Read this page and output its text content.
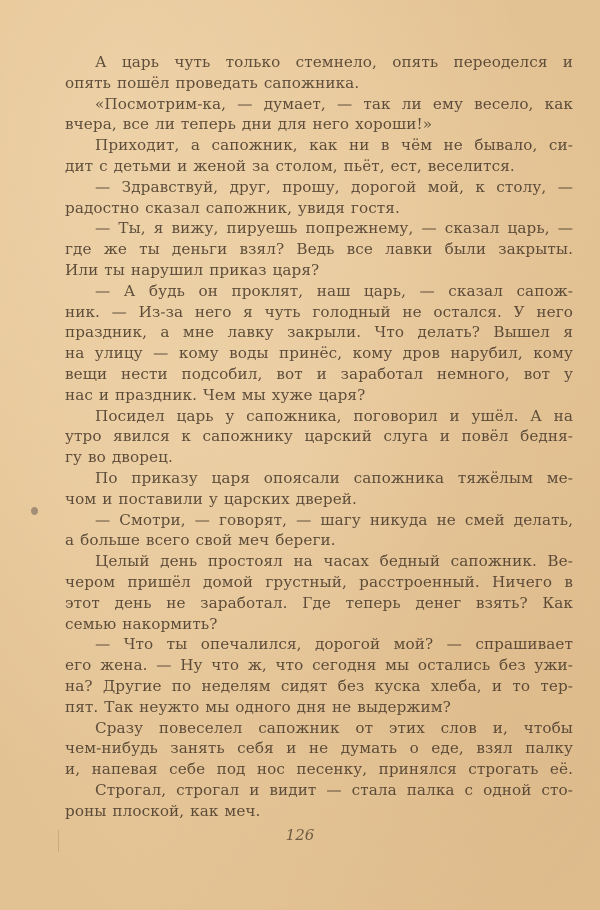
А царь чуть только стемнело, опять переоделся и
опять пошёл проведать сапожника.
«Посмотрим-ка, — думает, — так ли ему весело, как
вчера, все ли теперь дни для него хороши!»
Приходит, а сапожник, как ни в чём не бывало, си-
дит с детьми и женой за столом, пьёт, ест, веселится.
— Здравствуй, друг, прошу, дорогой мой, к столу, —
радостно сказал сапожник, увидя гостя.
— Ты, я вижу, пируешь попрежнему, — сказал царь, —
где же ты деньги взял? Ведь все лавки были закрыты.
Или ты нарушил приказ царя?
— А будь он проклят, наш царь, — сказал сапож-
ник. — Из-за него я чуть голодный не остался. У него
праздник, а мне лавку закрыли. Что делать? Вышел я
на улицу — кому воды принёс, кому дров нарубил, кому
вещи нести подсобил, вот и заработал немного, вот у
нас и праздник. Чем мы хуже царя?
Посидел царь у сапожника, поговорил и ушёл. А на
утро явился к сапожнику царский слуга и повёл бедня-
гу во дворец.
По приказу царя опоясали сапожника тяжёлым ме-
чом и поставили у царских дверей.
— Смотри, — говорят, — шагу никуда не смей делать,
а больше всего свой меч береги.
Целый день простоял на часах бедный сапожник. Ве-
чером пришёл домой грустный, расстроенный. Ничего в
этот день не заработал. Где теперь денег взять? Как
семью накормить?
— Что ты опечалился, дорогой мой? — спрашивает
его жена. — Ну что ж, что сегодня мы остались без ужи-
на? Другие по неделям сидят без куска хлеба, и то тер-
пят. Так неужто мы одного дня не выдержим?
Сразу повеселел сапожник от этих слов и, чтобы
чем-нибудь занять себя и не думать о еде, взял палку
и, напевая себе под нос песенку, принялся строгать её.
Строгал, строгал и видит — стала палка с одной сто-
роны плоской, как меч.
126
